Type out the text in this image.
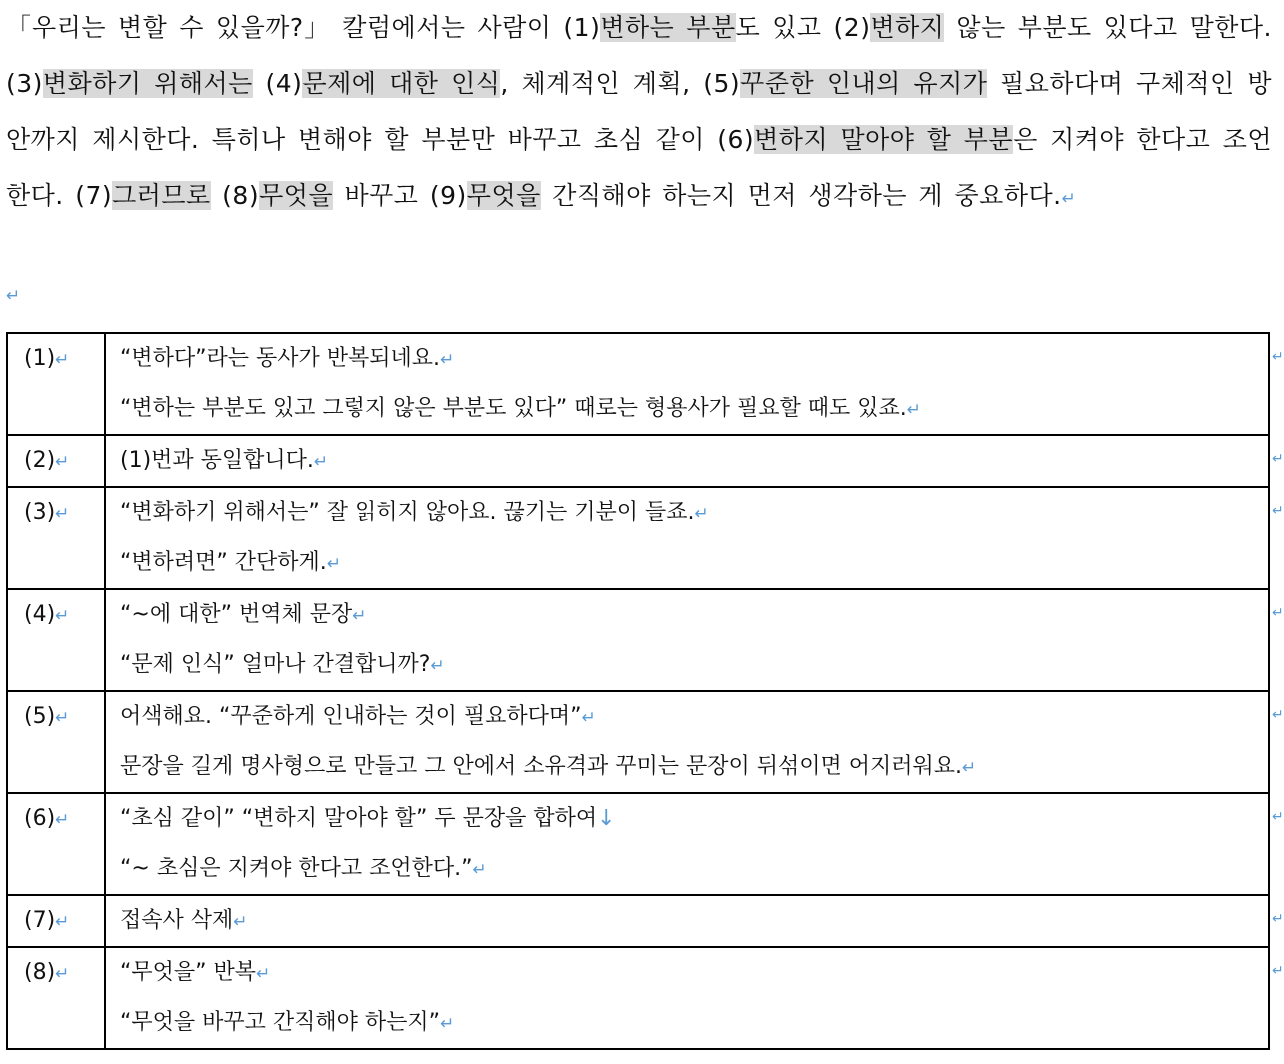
「우리는 변할 수 있을까?」 칼럼에서는 사람이 (1)변하는 부분도 있고 (2)변하지 않는 부분도 있다고 말한다. (3)변화하기 위해서는 (4)문제에 대한 인식, 체계적인 계획, (5)꾸준한 인내의 유지가 필요하다며 구체적인 방안까지 제시한다. 특히나 변해야 할 부분만 바꾸고 초심 같이 (6)변하지 말아야 할 부분은 지켜야 한다고 조언한다. (7)그러므로 (8)무엇을 바꾸고 (9)무엇을 간직해야 하는지 먼저 생각하는 게 중요하다.↵
↵
(1)↵	“변하다”라는 동사가 반복되네요.↵
“변하는 부분도 있고 그렇지 않은 부분도 있다” 때로는 형용사가 필요할 때도 있죠.↵

(2)↵	(1)번과 동일합니다.↵

(3)↵	“변화하기 위해서는” 잘 읽히지 않아요. 끊기는 기분이 들죠.↵
“변하려면” 간단하게.↵

(4)↵	“~에 대한” 번역체 문장↵
“문제 인식” 얼마나 간결합니까?↵

(5)↵	어색해요. “꾸준하게 인내하는 것이 필요하다며”↵
문장을 길게 명사형으로 만들고 그 안에서 소유격과 꾸미는 문장이 뒤섞이면 어지러워요.↵

(6)↵	“초심 같이” “변하지 말아야 할” 두 문장을 합하여↓
“~ 초심은 지켜야 한다고 조언한다.”↵

(7)↵	접속사 삭제↵

(8)↵	“무엇을” 반복↵
“무엇을 바꾸고 간직해야 하는지”↵
↵
↵
↵
↵
↵
↵
↵
↵
